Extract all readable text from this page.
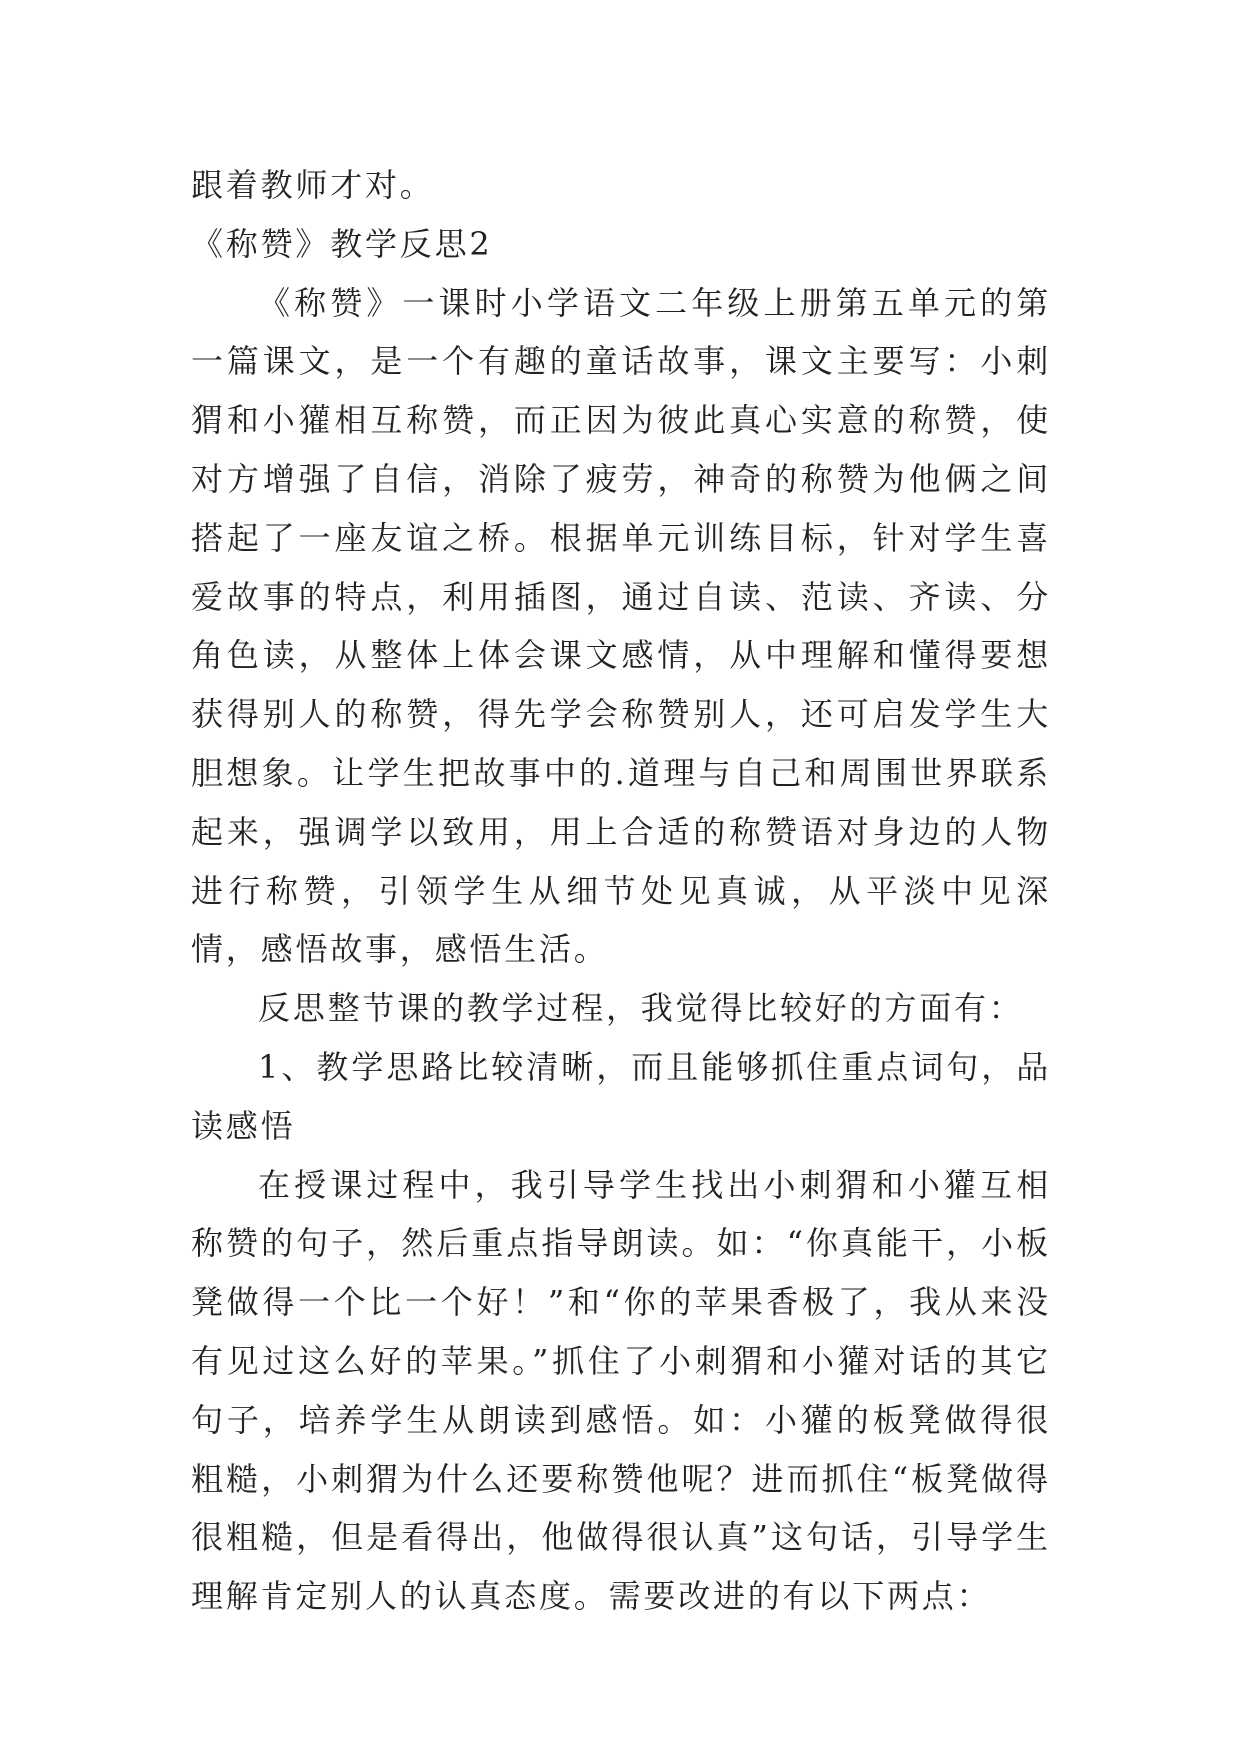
跟着教师才对。

《称赞》教学反思2

《称赞》一课时小学语文二年级上册第五单元的第一篇课文，是一个有趣的童话故事，课文主要写：小刺猬和小獾相互称赞，而正因为彼此真心实意的称赞，使对方增强了自信，消除了疲劳，神奇的称赞为他俩之间搭起了一座友谊之桥。根据单元训练目标，针对学生喜爱故事的特点，利用插图，通过自读、范读、齐读、分角色读，从整体上体会课文感情，从中理解和懂得要想获得别人的称赞，得先学会称赞别人，还可启发学生大胆想象。让学生把故事中的.道理与自己和周围世界联系起来，强调学以致用，用上合适的称赞语对身边的人物进行称赞，引领学生从细节处见真诚，从平淡中见深情，感悟故事，感悟生活。

反思整节课的教学过程，我觉得比较好的方面有：

1、教学思路比较清晰，而且能够抓住重点词句，品读感悟

在授课过程中，我引导学生找出小刺猬和小獾互相称赞的句子，然后重点指导朗读。如：“你真能干，小板凳做得一个比一个好！”和“你的苹果香极了，我从来没有见过这么好的苹果。”抓住了小刺猬和小獾对话的其它句子，培养学生从朗读到感悟。如：小獾的板凳做得很粗糙，小刺猬为什么还要称赞他呢？进而抓住“板凳做得很粗糙，但是看得出，他做得很认真”这句话，引导学生理解肯定别人的认真态度。需要改进的有以下两点：
